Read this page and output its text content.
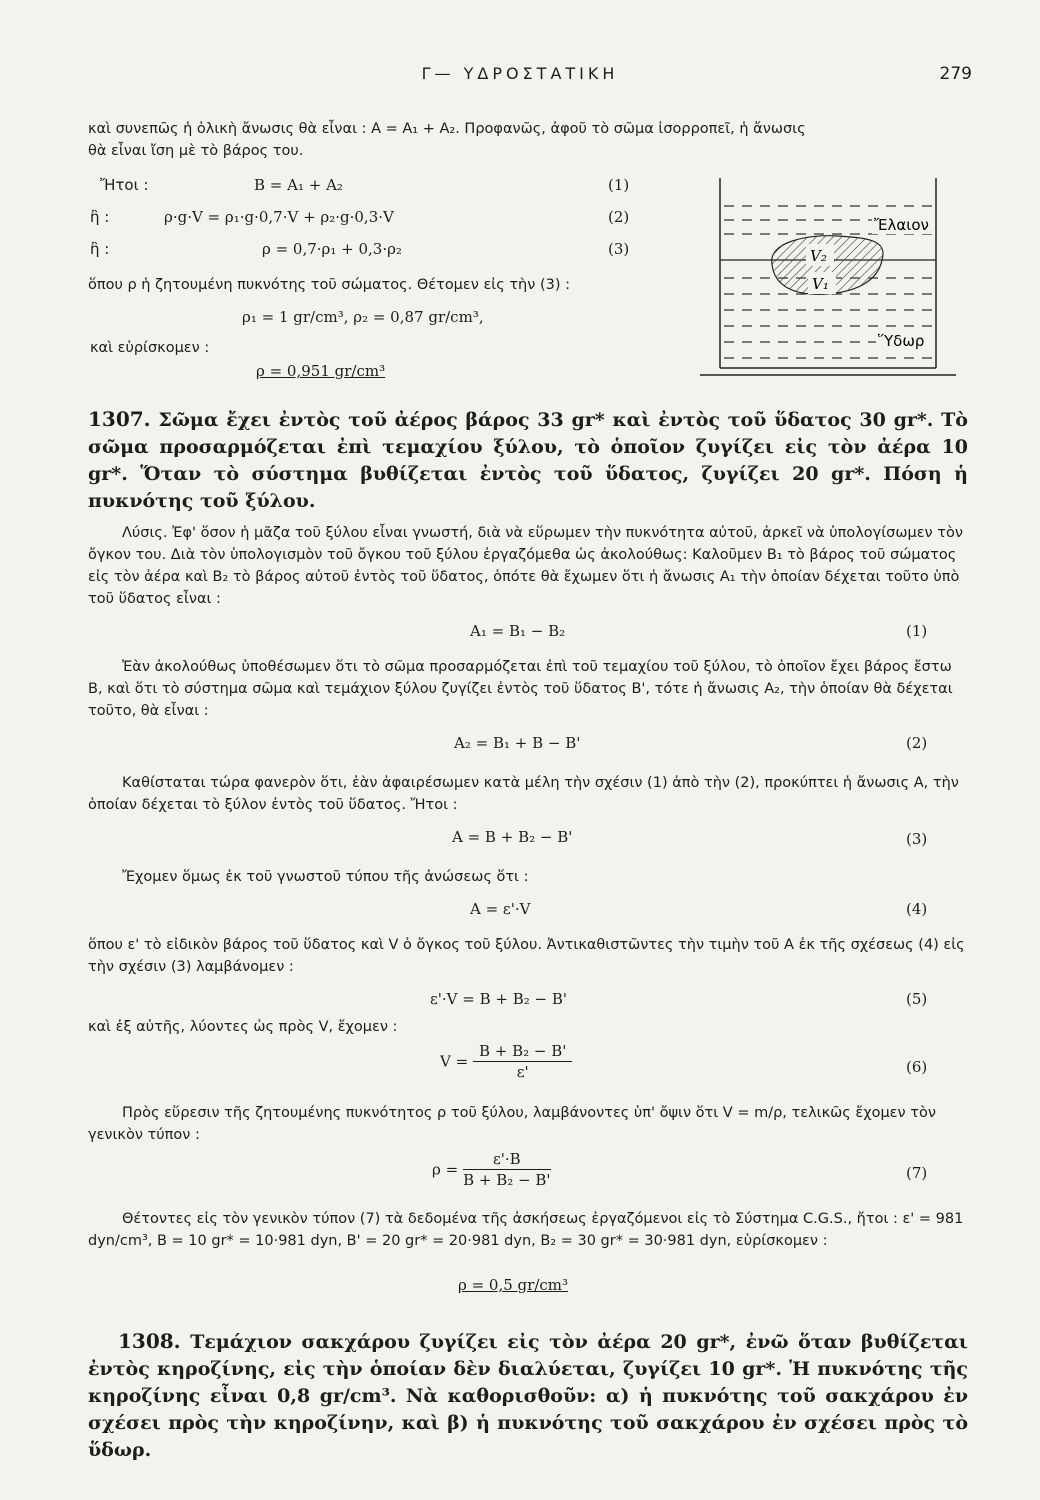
Γ— ΥΔΡΟΣΤΑΤΙΚΗ	279
καὶ συνεπῶς ἡ ὁλικὴ ἄνωσις θὰ εἶναι : A = A₁ + A₂. Προφανῶς, ἀφοῦ τὸ σῶμα ἰσορροπεῖ, ἡ ἄνωσις
θὰ εἶναι ἴση μὲ τὸ βάρος του.
Ἤτοι :	B = A₁ + A₂	(1)
ἢ :	ρ·g·V = ρ₁·g·0,7·V + ρ₂·g·0,3·V	(2)
ἢ :	ρ = 0,7·ρ₁ + 0,3·ρ₂	(3)
ὅπου ρ ἡ ζητουμένη πυκνότης τοῦ σώματος. Θέτομεν εἰς τὴν (3) :
ρ₁ = 1 gr/cm³, ρ₂ = 0,87 gr/cm³,
καὶ εὑρίσκομεν :
ρ = 0,951 gr/cm³
V₂
V₁
Ἔλαιον
Ὕδωρ
1307. Σῶμα ἔχει ἐντὸς τοῦ ἀέρος βάρος 33 gr* καὶ ἐντὸς τοῦ ὕδατος 30 gr*. Τὸ σῶμα προσαρμόζεται ἐπὶ τεμαχίου ξύλου, τὸ ὁποῖον ζυγίζει εἰς τὸν ἀέρα 10 gr*. Ὅταν τὸ σύστημα βυθίζεται ἐντὸς τοῦ ὕδατος, ζυγίζει 20 gr*. Πόση ἡ πυκνότης τοῦ ξύλου.
Λύσις. Ἐφ' ὅσον ἡ μᾶζα τοῦ ξύλου εἶναι γνωστή, διὰ νὰ εὕρωμεν τὴν πυκνότητα αὐτοῦ, ἀρκεῖ νὰ ὑπολογίσωμεν τὸν ὄγκον του. Διὰ τὸν ὑπολογισμὸν τοῦ ὄγκου τοῦ ξύλου ἐργαζόμεθα ὡς ἀκολούθως: Καλοῦμεν B₁ τὸ βάρος τοῦ σώματος εἰς τὸν ἀέρα καὶ B₂ τὸ βάρος αὐτοῦ ἐντὸς τοῦ ὕδατος, ὁπότε θὰ ἔχωμεν ὅτι ἡ ἄνωσις A₁ τὴν ὁποίαν δέχεται τοῦτο ὑπὸ τοῦ ὕδατος εἶναι :
A₁ = B₁ − B₂	(1)
Ἐὰν ἀκολούθως ὑποθέσωμεν ὅτι τὸ σῶμα προσαρμόζεται ἐπὶ τοῦ τεμαχίου τοῦ ξύλου, τὸ ὁποῖον ἔχει βάρος ἔστω B, καὶ ὅτι τὸ σύστημα σῶμα καὶ τεμάχιον ξύλου ζυγίζει ἐντὸς τοῦ ὕδατος B', τότε ἡ ἄνωσις A₂, τὴν ὁποίαν θὰ δέχεται τοῦτο, θὰ εἶναι :
A₂ = B₁ + B − B'	(2)
Καθίσταται τώρα φανερὸν ὅτι, ἐὰν ἀφαιρέσωμεν κατὰ μέλη τὴν σχέσιν (1) ἀπὸ τὴν (2), προκύπτει ἡ ἄνωσις A, τὴν ὁποίαν δέχεται τὸ ξύλον ἐντὸς τοῦ ὕδατος. Ἤτοι :
A = B + B₂ − B'	(3)
Ἔχομεν ὅμως ἐκ τοῦ γνωστοῦ τύπου τῆς ἀνώσεως ὅτι :
A = ε'·V	(4)
ὅπου ε' τὸ εἰδικὸν βάρος τοῦ ὕδατος καὶ V ὁ ὄγκος τοῦ ξύλου. Ἀντικαθιστῶντες τὴν τιμὴν τοῦ A ἐκ τῆς σχέσεως (4) εἰς τὴν σχέσιν (3) λαμβάνομεν :
ε'·V = B + B₂ − B'	(5)
καὶ ἐξ αὐτῆς, λύοντες ὡς πρὸς V, ἔχομεν :
$V = \frac{\text{B + B₂ − B'}}{\varepsilon'}$	(6)
Πρὸς εὕρεσιν τῆς ζητουμένης πυκνότητος ρ τοῦ ξύλου, λαμβάνοντες ὑπ' ὄψιν ὅτι V = m/ρ, τελικῶς ἔχομεν τὸν γενικὸν τύπον :
$\rho = \frac{\varepsilon'\cdot B}{\text{B + B₂ − B'}}$	(7)
Θέτοντες εἰς τὸν γενικὸν τύπον (7) τὰ δεδομένα τῆς ἀσκήσεως ἐργαζόμενοι εἰς τὸ Σύστημα C.G.S., ἤτοι : ε' = 981 dyn/cm³, B = 10 gr* = 10·981 dyn, B' = 20 gr* = 20·981 dyn, B₂ = 30 gr* = 30·981 dyn, εὑρίσκομεν :
ρ = 0,5 gr/cm³
1308. Τεμάχιον σακχάρου ζυγίζει εἰς τὸν ἀέρα 20 gr*, ἐνῶ ὅταν βυθίζεται ἐντὸς κηροζίνης, εἰς τὴν ὁποίαν δὲν διαλύεται, ζυγίζει 10 gr*. Ἡ πυκνότης τῆς κηροζίνης εἶναι 0,8 gr/cm³. Νὰ καθορισθοῦν: α) ἡ πυκνότης τοῦ σακχάρου ἐν σχέσει πρὸς τὴν κηροζίνην, καὶ β) ἡ πυκνότης τοῦ σακχάρου ἐν σχέσει πρὸς τὸ ὕδωρ.
